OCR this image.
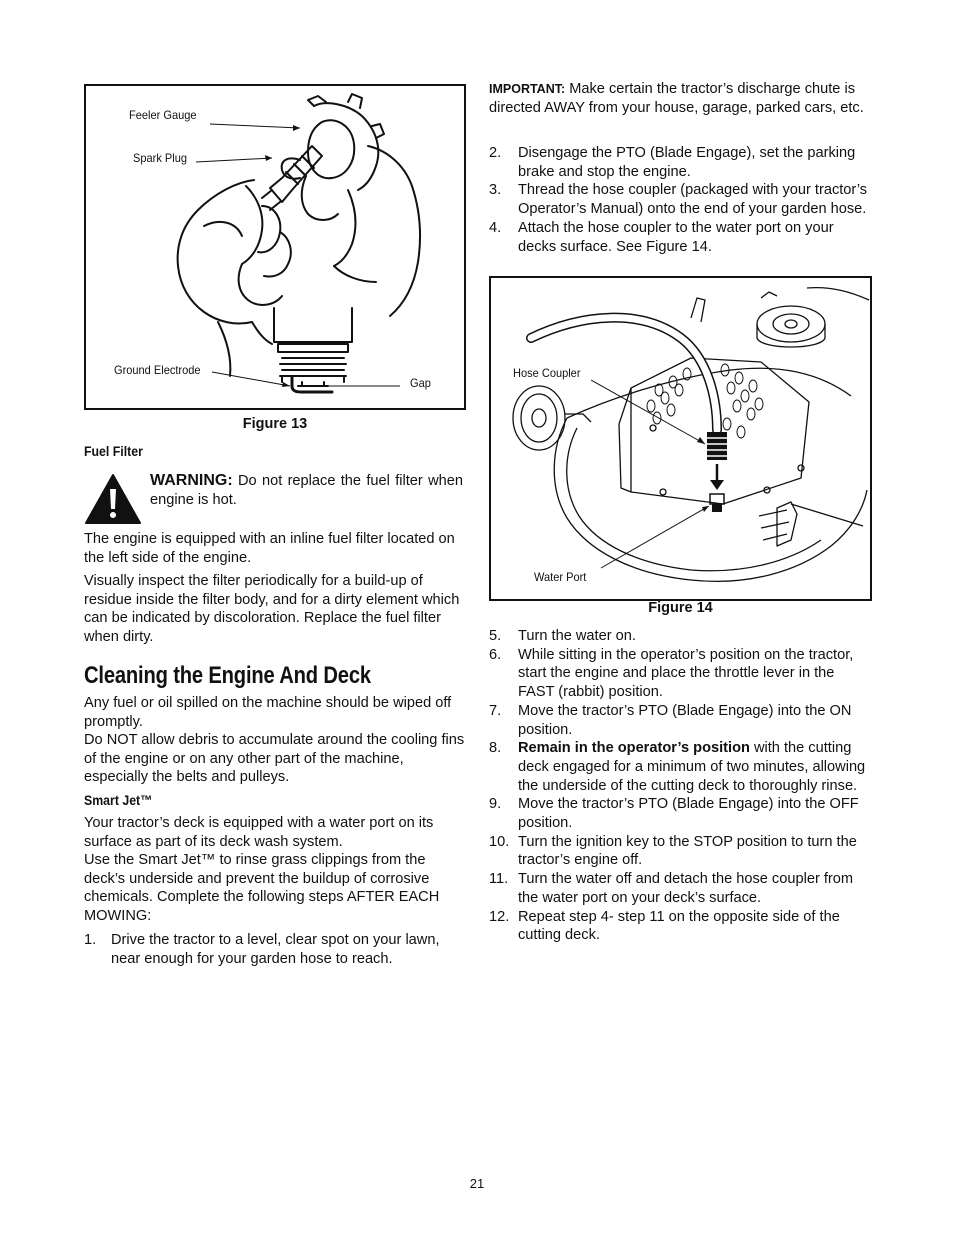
Feeler Gauge
Spark Plug
Ground Electrode
Gap
Figure 13
Fuel Filter
WARNING: Do not replace the fuel filter when engine is hot.

The engine is equipped with an inline fuel filter located on the left side of the engine.

Visually inspect the filter periodically for a build-up of residue inside the filter body, and for a dirty element which can be indicated by discoloration. Replace the fuel filter when dirty.

Cleaning the Engine And Deck

Any fuel or oil spilled on the machine should be wiped off promptly.

Do NOT allow debris to accumulate around the cooling fins of the engine or on any other part of the machine, especially the belts and pulleys.

Smart Jet™

Your tractor’s deck is equipped with a water port on its surface as part of its deck wash system.

Use the Smart Jet™ to rinse grass clippings from the deck’s underside and prevent the buildup of corrosive chemicals. Complete the following steps AFTER EACH MOWING:

1. Drive the tractor to a level, clear spot on your lawn, near enough for your garden hose to reach.
IMPORTANT: Make certain the tractor’s discharge chute is directed AWAY from your house, garage, parked cars, etc.
2. Disengage the PTO (Blade Engage), set the parking brake and stop the engine.
3. Thread the hose coupler (packaged with your tractor’s Operator’s Manual) onto the end of your garden hose.
4. Attach the hose coupler to the water port on your decks surface. See Figure 14.
Hose Coupler
Water Port
Figure 14
5. Turn the water on.
6. While sitting in the operator’s position on the tractor, start the engine and place the throttle lever in the FAST (rabbit) position.
7. Move the tractor’s PTO (Blade Engage) into the ON position.
8. Remain in the operator’s position with the cutting deck engaged for a minimum of two minutes, allowing the underside of the cutting deck to thoroughly rinse.
9. Move the tractor’s PTO (Blade Engage) into the OFF position.
10. Turn the ignition key to the STOP position to turn the tractor’s engine off.
11. Turn the water off and detach the hose coupler from the water port on your deck’s surface.
12. Repeat step 4- step 11 on the opposite side of the cutting deck.
21
